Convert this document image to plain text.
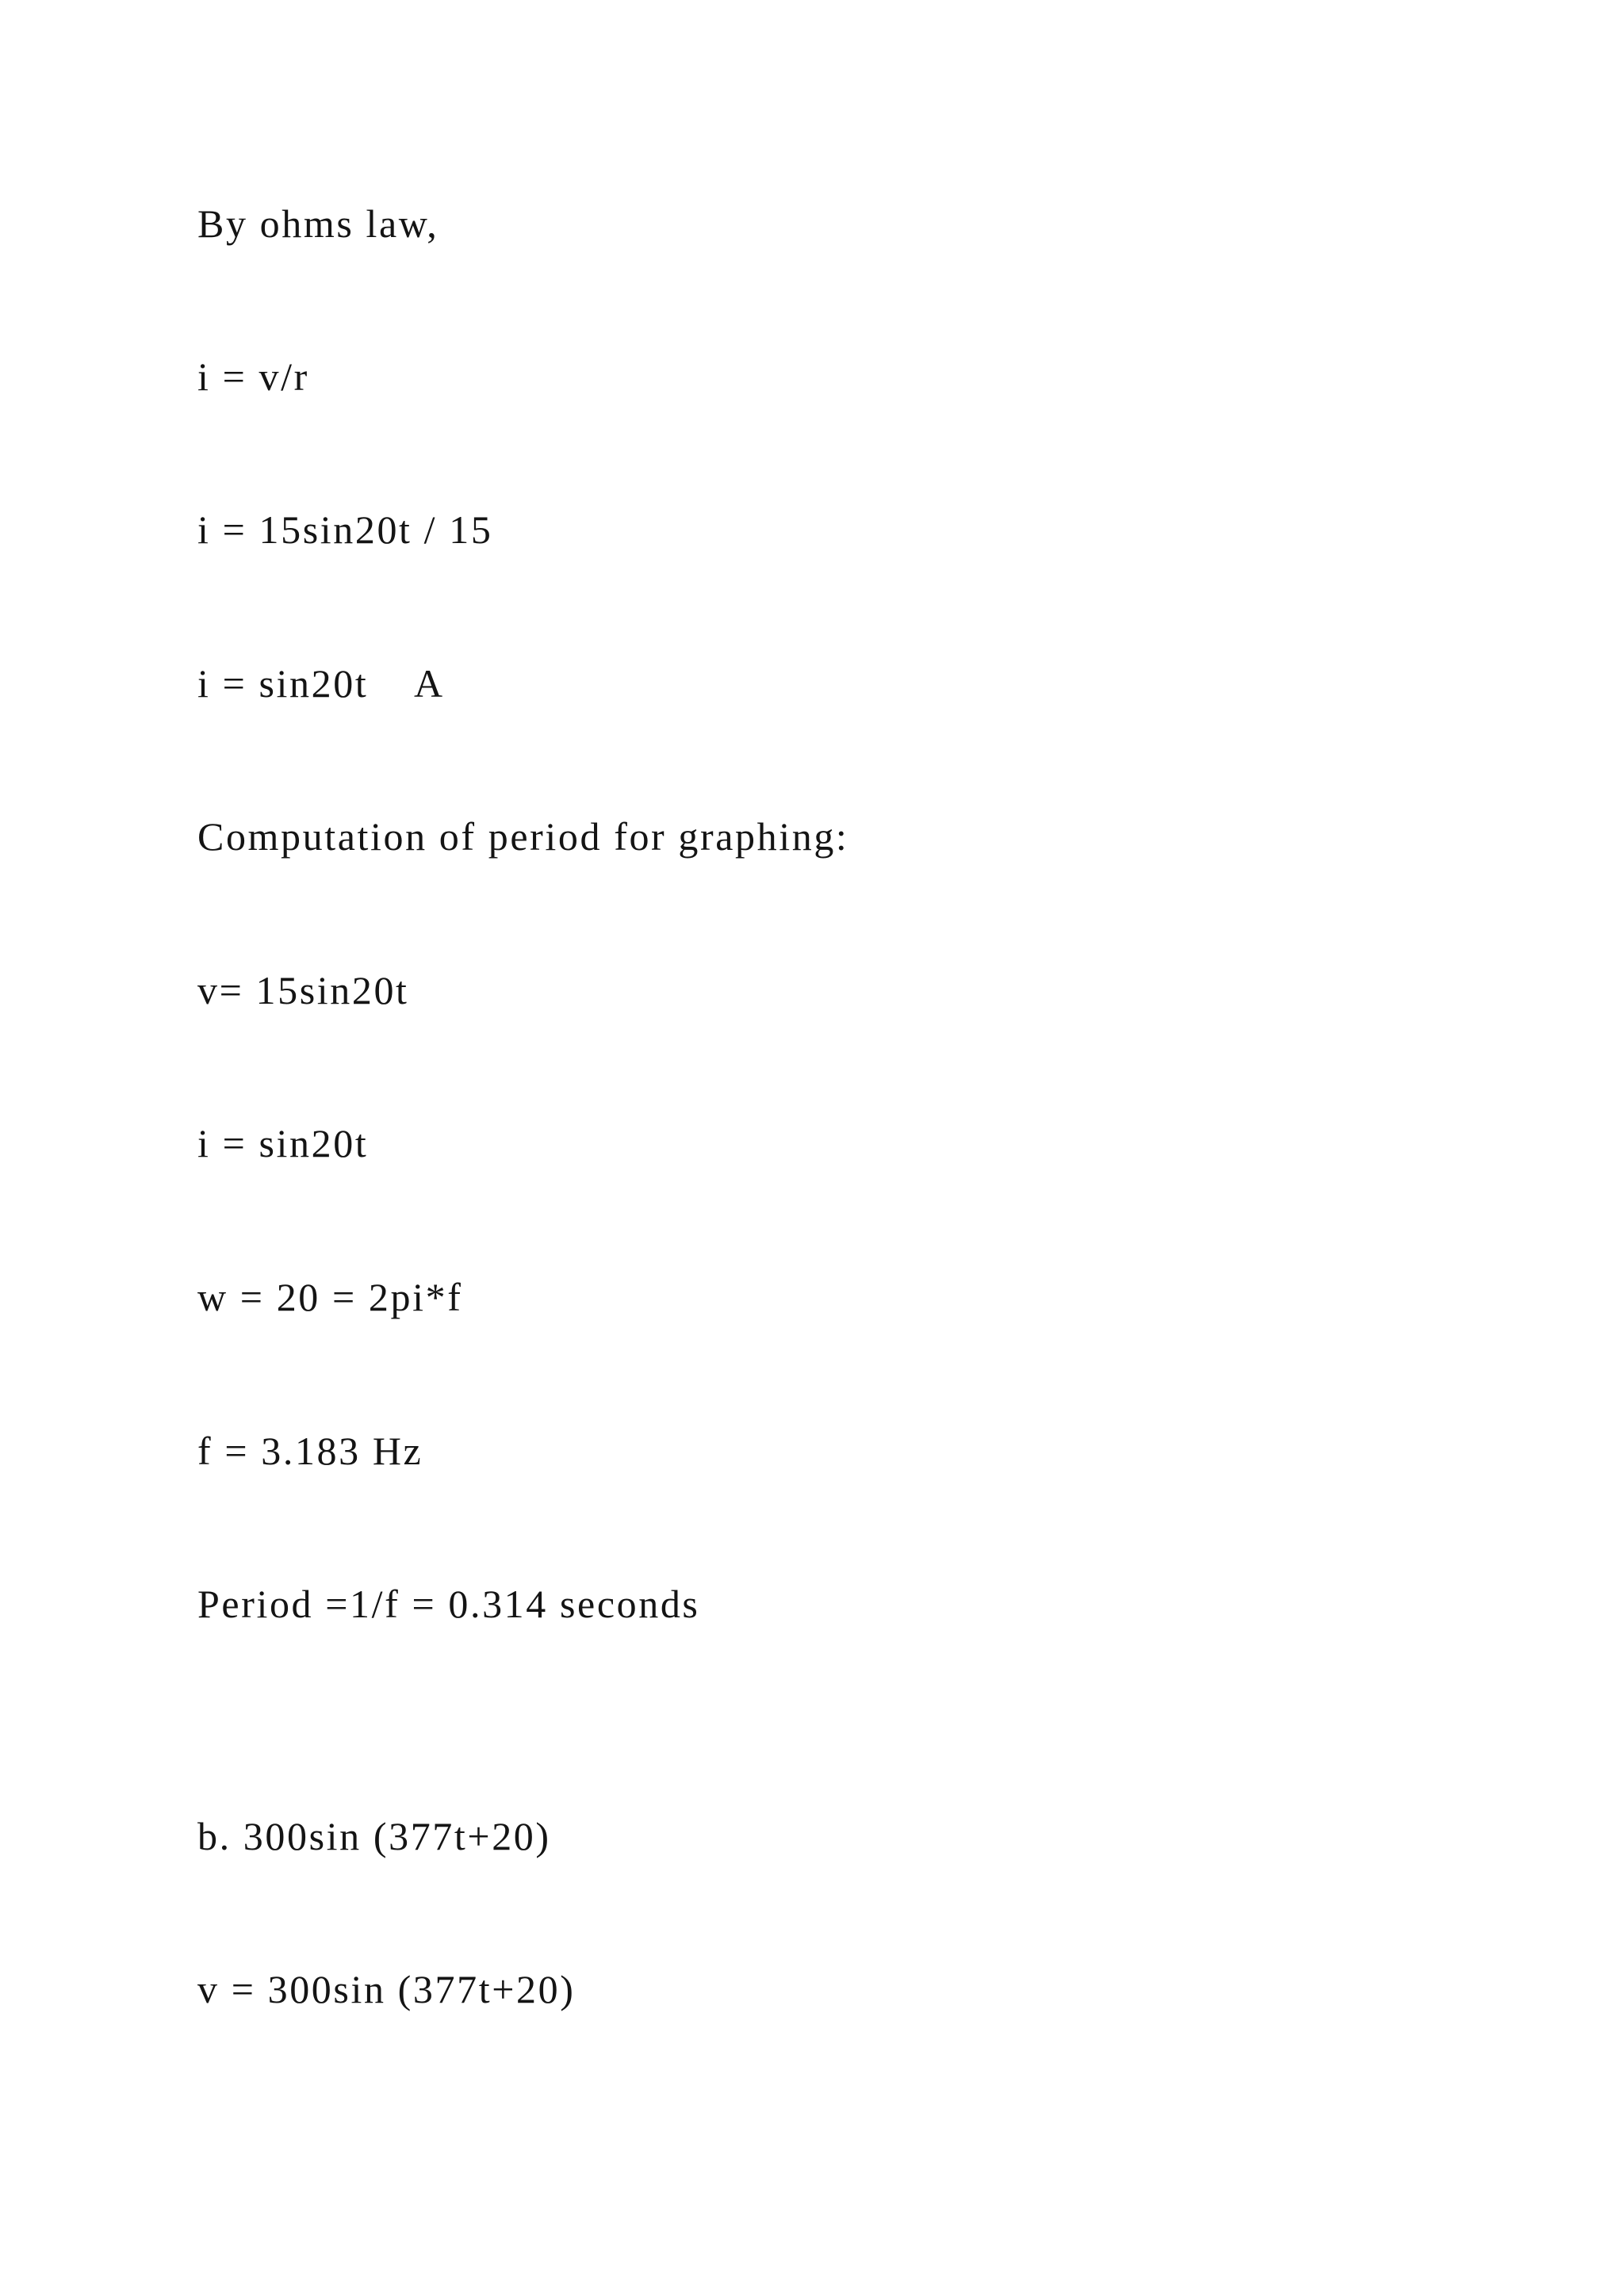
By ohms law,

i = v/r

i = 15sin20t / 15

i = sin20t    A

Computation of period for graphing:

v= 15sin20t

i = sin20t

w = 20 = 2pi*f

f = 3.183 Hz

Period =1/f = 0.314 seconds

b. 300sin (377t+20)

v = 300sin (377t+20)
